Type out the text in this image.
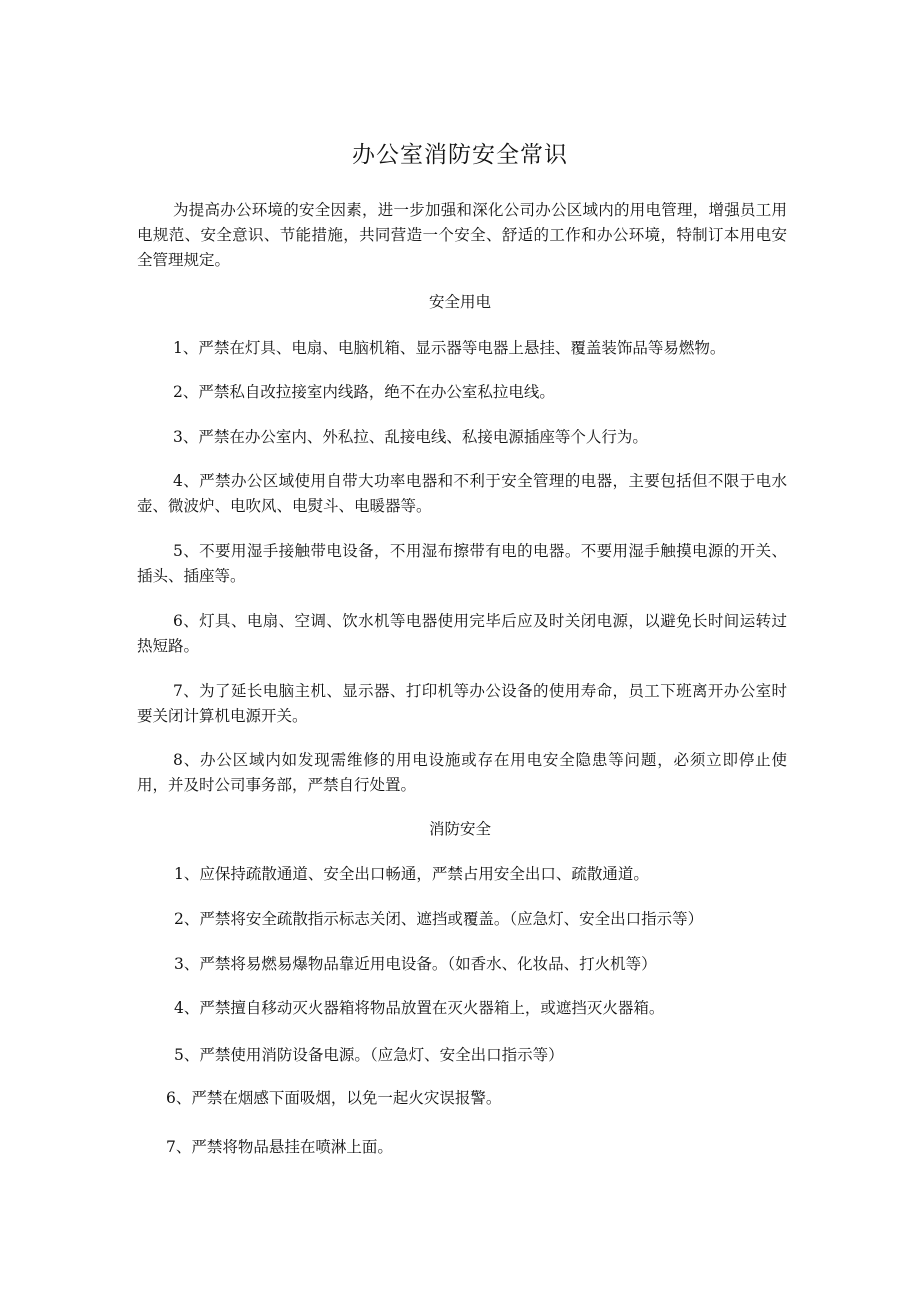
办公室消防安全常识

为提高办公环境的安全因素，进一步加强和深化公司办公区域内的用电管理，增强员工用电规范、安全意识、节能措施，共同营造一个安全、舒适的工作和办公环境，特制订本用电安全管理规定。

安全用电

1、严禁在灯具、电扇、电脑机箱、显示器等电器上悬挂、覆盖装饰品等易燃物。

2、严禁私自改拉接室内线路，绝不在办公室私拉电线。

3、严禁在办公室内、外私拉、乱接电线、私接电源插座等个人行为。

4、严禁办公区域使用自带大功率电器和不利于安全管理的电器，主要包括但不限于电水壶、微波炉、电吹风、电熨斗、电暖器等。

5、不要用湿手接触带电设备，不用湿布擦带有电的电器。不要用湿手触摸电源的开关、插头、插座等。

6、灯具、电扇、空调、饮水机等电器使用完毕后应及时关闭电源，以避免长时间运转过热短路。

7、为了延长电脑主机、显示器、打印机等办公设备的使用寿命，员工下班离开办公室时要关闭计算机电源开关。

8、办公区域内如发现需维修的用电设施或存在用电安全隐患等问题，必须立即停止使用，并及时公司事务部，严禁自行处置。

消防安全

1、应保持疏散通道、安全出口畅通，严禁占用安全出口、疏散通道。

2、严禁将安全疏散指示标志关闭、遮挡或覆盖。（应急灯、安全出口指示等）

3、严禁将易燃易爆物品靠近用电设备。（如香水、化妆品、打火机等）

4、严禁擅自移动灭火器箱将物品放置在灭火器箱上，或遮挡灭火器箱。

5、严禁使用消防设备电源。（应急灯、安全出口指示等）

6、严禁在烟感下面吸烟，以免一起火灾误报警。

7、严禁将物品悬挂在喷淋上面。
